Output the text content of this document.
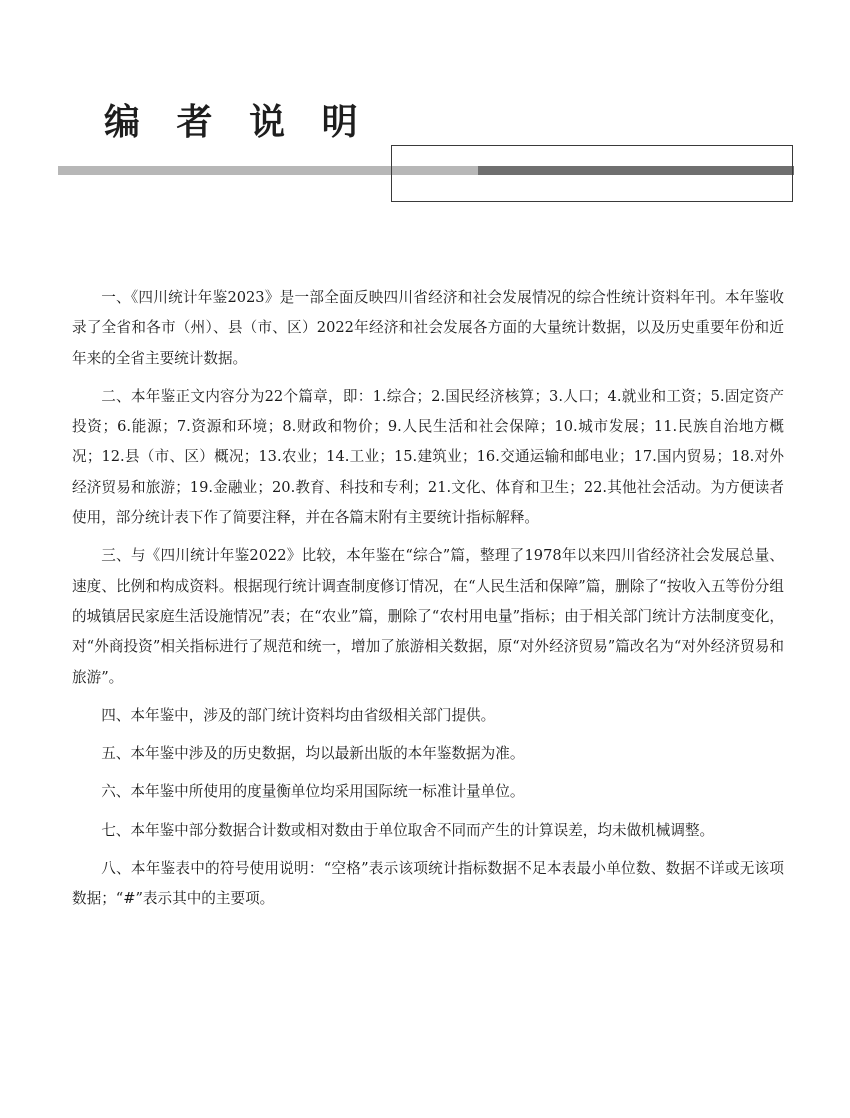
编 者 说 明

一、《四川统计年鉴2023》是一部全面反映四川省经济和社会发展情况的综合性统计资料年刊。本年鉴收录了全省和各市（州）、县（市、区）2022年经济和社会发展各方面的大量统计数据，以及历史重要年份和近年来的全省主要统计数据。

二、本年鉴正文内容分为22个篇章，即：1.综合；2.国民经济核算；3.人口；4.就业和工资；5.固定资产投资；6.能源；7.资源和环境；8.财政和物价；9.人民生活和社会保障；10.城市发展；11.民族自治地方概况；12.县（市、区）概况；13.农业；14.工业；15.建筑业；16.交通运输和邮电业；17.国内贸易；18.对外经济贸易和旅游；19.金融业；20.教育、科技和专利；21.文化、体育和卫生；22.其他社会活动。为方便读者使用，部分统计表下作了简要注释，并在各篇末附有主要统计指标解释。

三、与《四川统计年鉴2022》比较，本年鉴在“综合”篇，整理了1978年以来四川省经济社会发展总量、速度、比例和构成资料。根据现行统计调查制度修订情况，在“人民生活和保障”篇，删除了“按收入五等份分组的城镇居民家庭生活设施情况”表；在“农业”篇，删除了“农村用电量”指标；由于相关部门统计方法制度变化，对“外商投资”相关指标进行了规范和统一，增加了旅游相关数据，原“对外经济贸易”篇改名为“对外经济贸易和旅游”。

四、本年鉴中，涉及的部门统计资料均由省级相关部门提供。

五、本年鉴中涉及的历史数据，均以最新出版的本年鉴数据为准。

六、本年鉴中所使用的度量衡单位均采用国际统一标准计量单位。

七、本年鉴中部分数据合计数或相对数由于单位取舍不同而产生的计算误差，均未做机械调整。

八、本年鉴表中的符号使用说明：“空格”表示该项统计指标数据不足本表最小单位数、数据不详或无该项数据；“#”表示其中的主要项。
